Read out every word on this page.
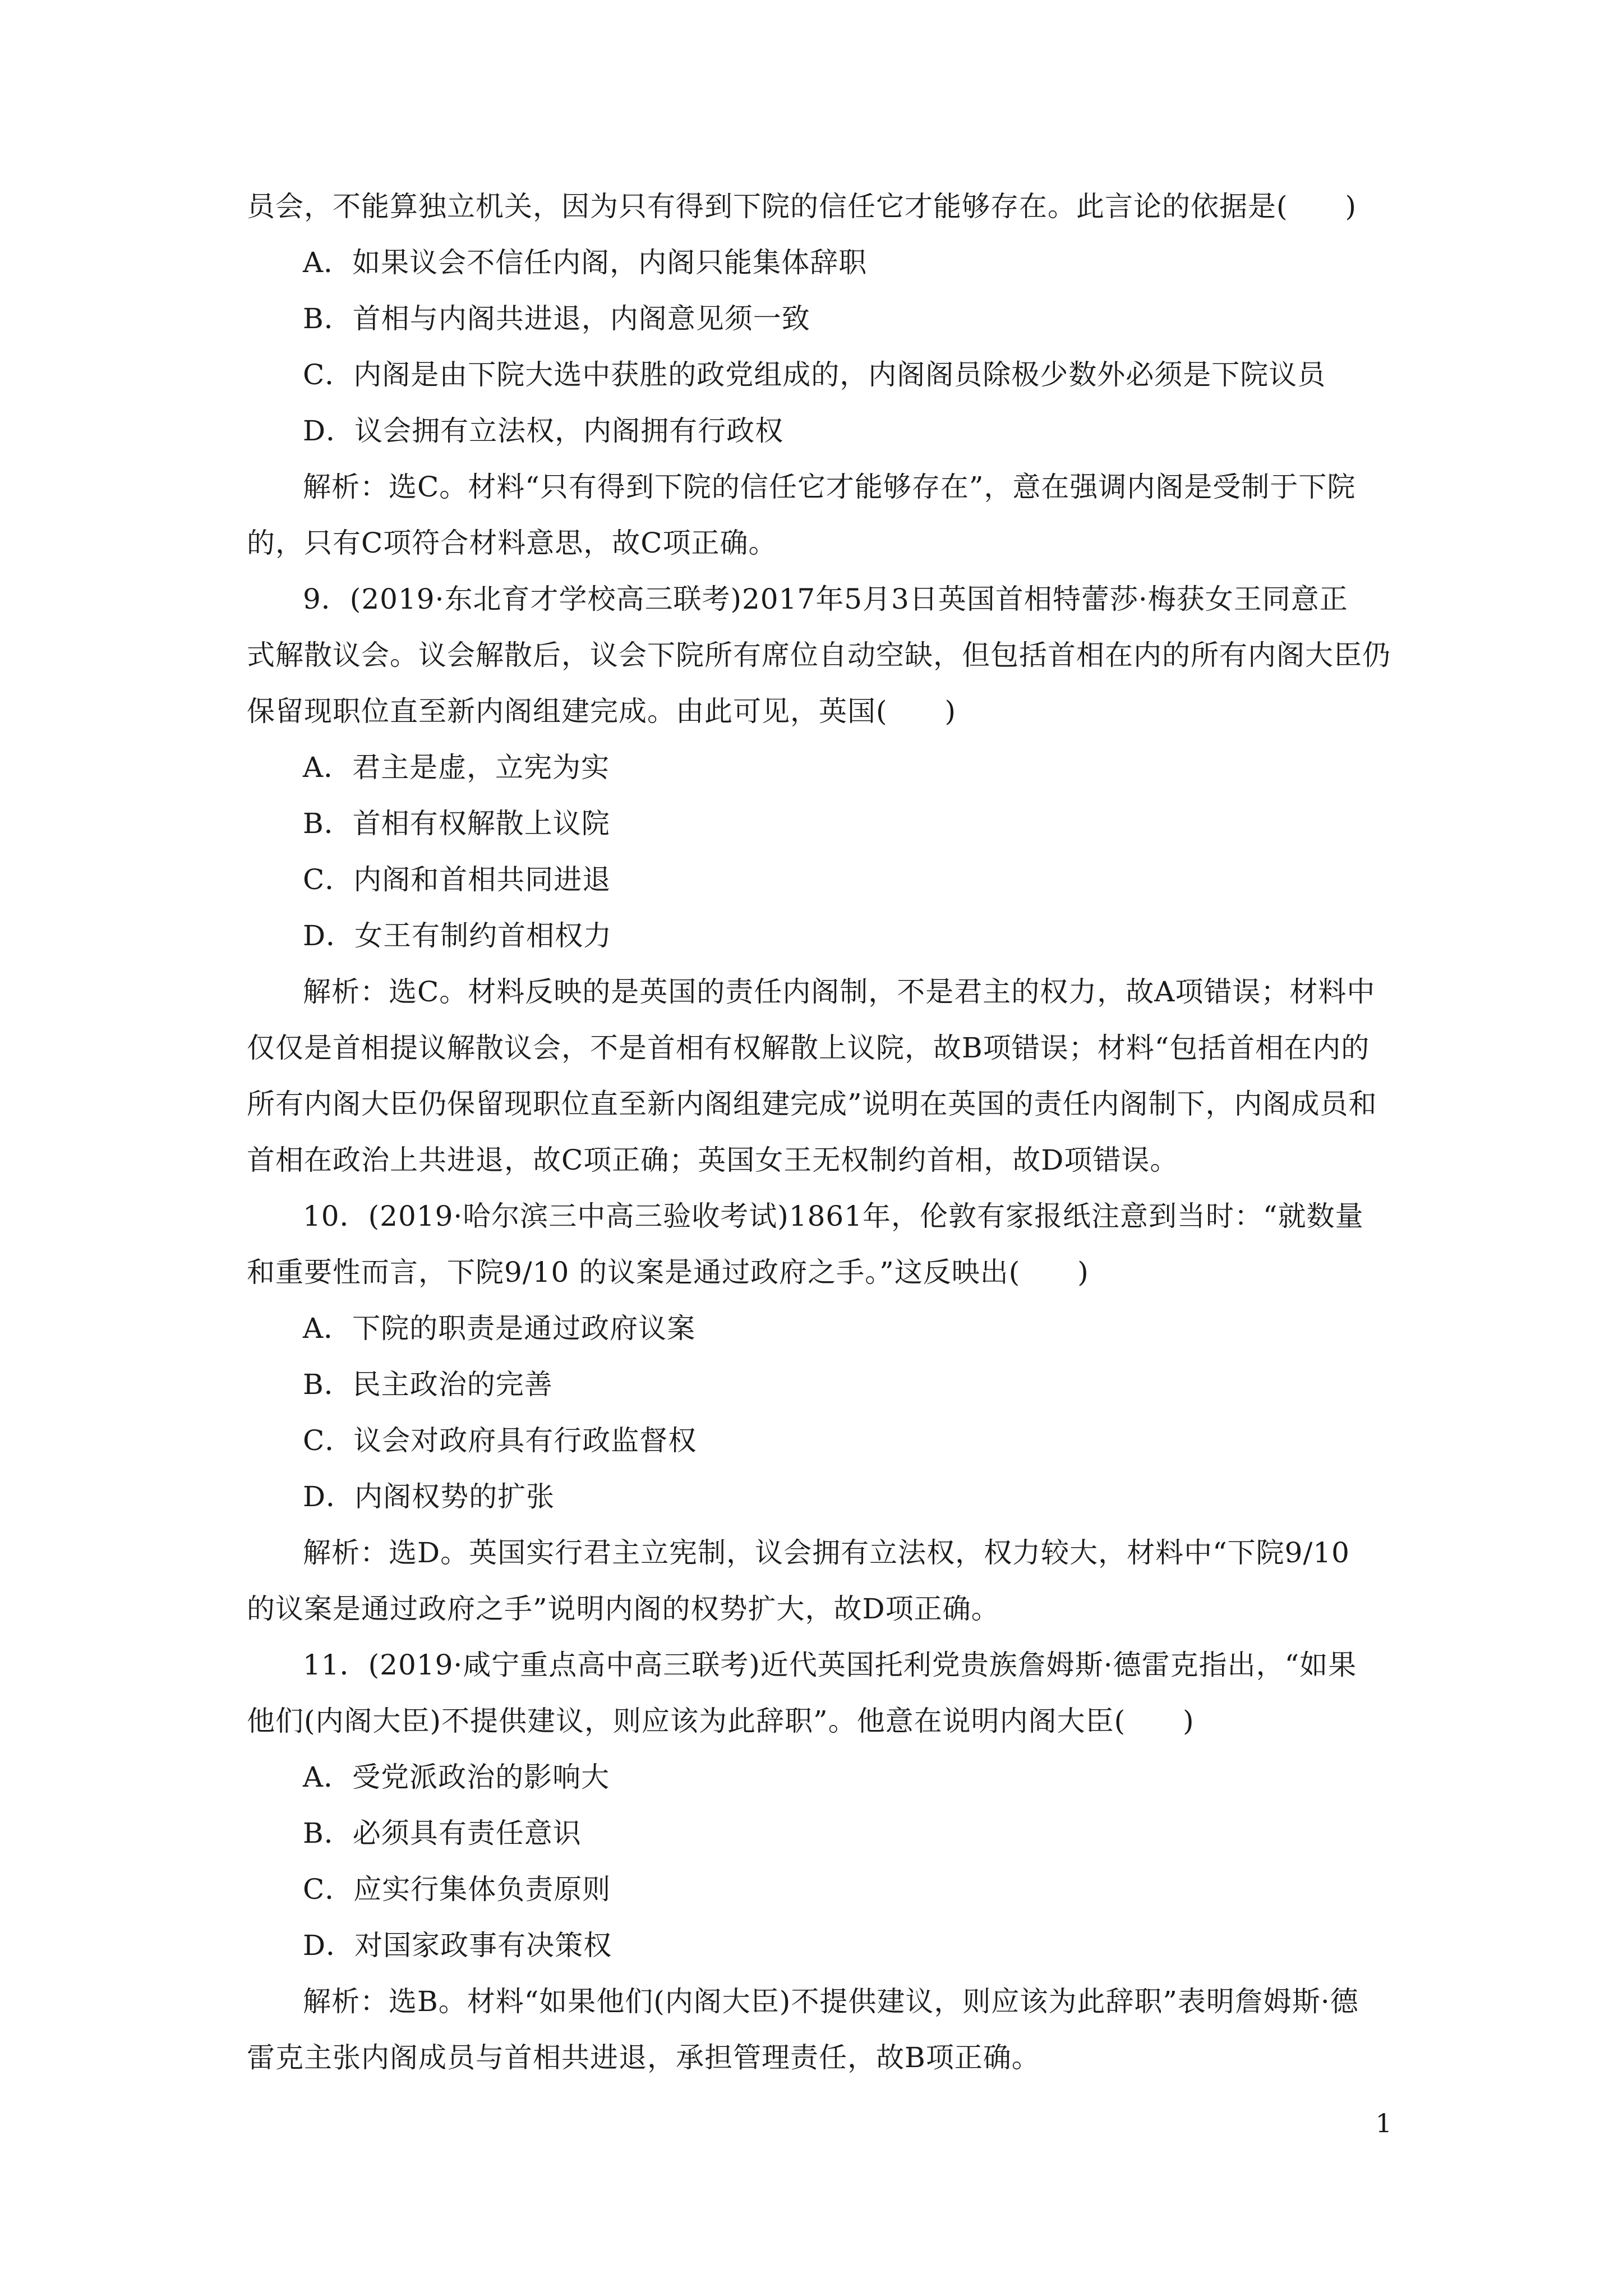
员会，不能算独立机关，因为只有得到下院的信任它才能够存在。此言论的依据是(　　)
A．如果议会不信任内阁，内阁只能集体辞职
B．首相与内阁共进退，内阁意见须一致
C．内阁是由下院大选中获胜的政党组成的，内阁阁员除极少数外必须是下院议员
D．议会拥有立法权，内阁拥有行政权
解析：选C。材料“只有得到下院的信任它才能够存在”，意在强调内阁是受制于下院
的，只有C项符合材料意思，故C项正确。
9．(2019·东北育才学校高三联考)2017年5月3日英国首相特蕾莎·梅获女王同意正
式解散议会。议会解散后，议会下院所有席位自动空缺，但包括首相在内的所有内阁大臣仍
保留现职位直至新内阁组建完成。由此可见，英国(　　)
A．君主是虚，立宪为实
B．首相有权解散上议院
C．内阁和首相共同进退
D．女王有制约首相权力
解析：选C。材料反映的是英国的责任内阁制，不是君主的权力，故A项错误；材料中
仅仅是首相提议解散议会，不是首相有权解散上议院，故B项错误；材料“包括首相在内的
所有内阁大臣仍保留现职位直至新内阁组建完成”说明在英国的责任内阁制下，内阁成员和
首相在政治上共进退，故C项正确；英国女王无权制约首相，故D项错误。
10．(2019·哈尔滨三中高三验收考试)1861年，伦敦有家报纸注意到当时：“就数量
和重要性而言，下院9/10 的议案是通过政府之手。”这反映出(　　)
A．下院的职责是通过政府议案
B．民主政治的完善
C．议会对政府具有行政监督权
D．内阁权势的扩张
解析：选D。英国实行君主立宪制，议会拥有立法权，权力较大，材料中“下院9/10
的议案是通过政府之手”说明内阁的权势扩大，故D项正确。
11．(2019·咸宁重点高中高三联考)近代英国托利党贵族詹姆斯·德雷克指出，“如果
他们(内阁大臣)不提供建议，则应该为此辞职”。他意在说明内阁大臣(　　)
A．受党派政治的影响大
B．必须具有责任意识
C．应实行集体负责原则
D．对国家政事有决策权
解析：选B。材料“如果他们(内阁大臣)不提供建议，则应该为此辞职”表明詹姆斯·德
雷克主张内阁成员与首相共进退，承担管理责任，故B项正确。
1
